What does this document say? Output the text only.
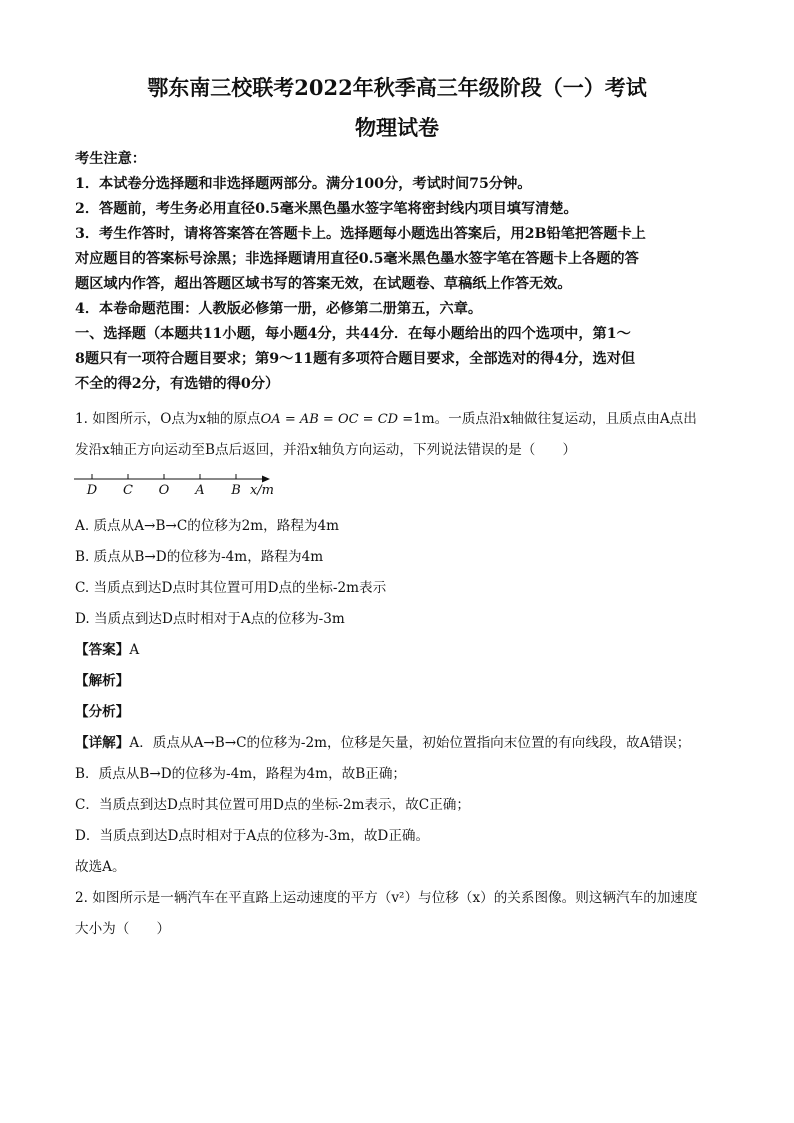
鄂东南三校联考2022年秋季高三年级阶段（一）考试
物理试卷
考生注意：
1．本试卷分选择题和非选择题两部分。满分100分，考试时间75分钟。
2．答题前，考生务必用直径0.5毫米黑色墨水签字笔将密封线内项目填写清楚。
3．考生作答时，请将答案答在答题卡上。选择题每小题选出答案后，用2B铅笔把答题卡上
对应题目的答案标号涂黑；非选择题请用直径0.5毫米黑色墨水签字笔在答题卡上各题的答
题区域内作答，超出答题区域书写的答案无效，在试题卷、草稿纸上作答无效。
4．本卷命题范围：人教版必修第一册，必修第二册第五，六章。
一、选择题（本题共11小题，每小题4分，共44分．在每小题给出的四个选项中，第1～
8题只有一项符合题目要求；第9～11题有多项符合题目要求，全部选对的得4分，选对但
不全的得2分，有选错的得0分）
1. 如图所示，O点为x轴的原点OA = AB = OC = CD =1m。一质点沿x轴做往复运动，且质点由A点出
发沿x轴正方向运动至B点后返回，并沿x轴负方向运动，下列说法错误的是（　　）
D C O A B x/m
A. 质点从A→B→C的位移为2m，路程为4m
B. 质点从B→D的位移为-4m，路程为4m
C. 当质点到达D点时其位置可用D点的坐标-2m表示
D. 当质点到达D点时相对于A点的位移为-3m
【答案】A
【解析】
【分析】
【详解】A．质点从A→B→C的位移为-2m，位移是矢量，初始位置指向末位置的有向线段，故A错误；
B．质点从B→D的位移为-4m，路程为4m，故B正确；
C．当质点到达D点时其位置可用D点的坐标-2m表示，故C正确；
D．当质点到达D点时相对于A点的位移为-3m，故D正确。
故选A。
2. 如图所示是一辆汽车在平直路上运动速度的平方（v²）与位移（x）的关系图像。则这辆汽车的加速度
大小为（　　）
